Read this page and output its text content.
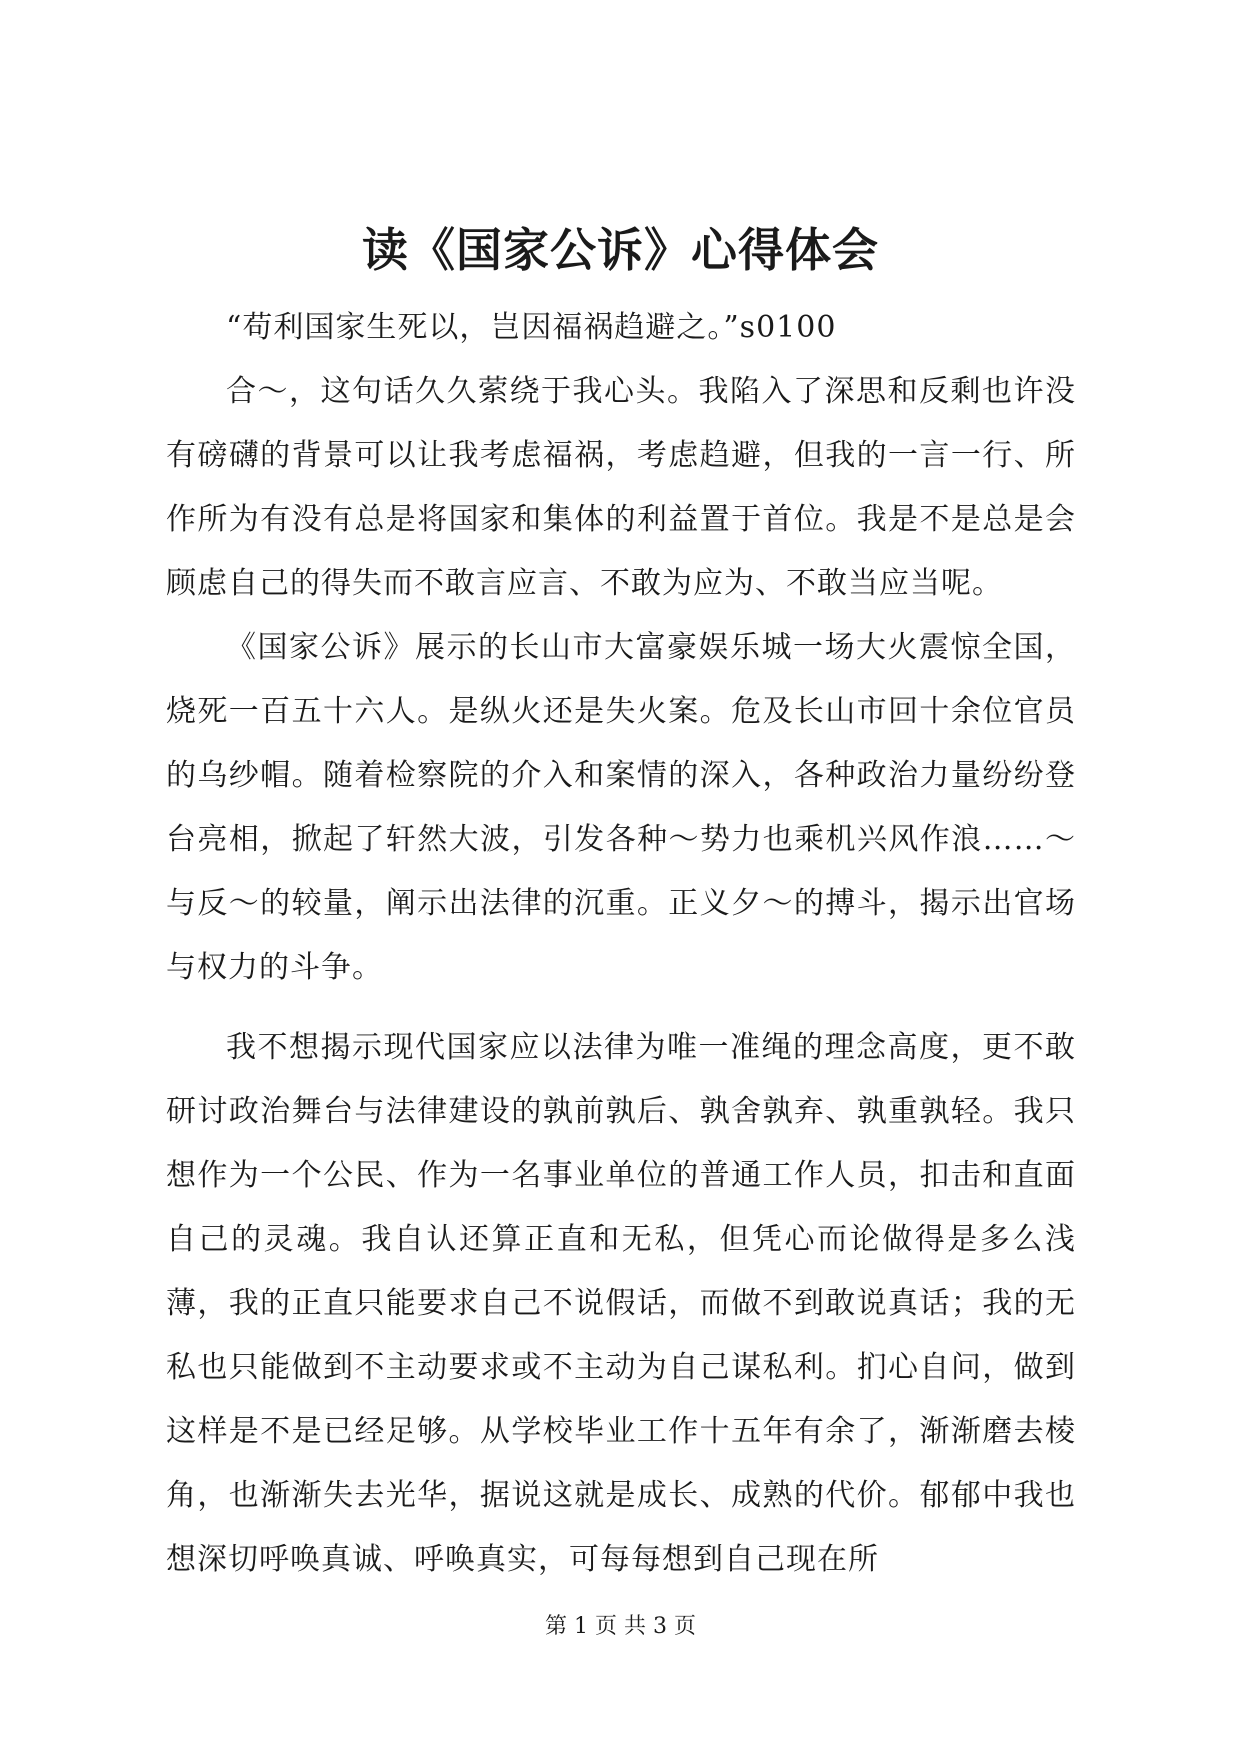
读《国家公诉》心得体会

“苟利国家生死以，岂因福祸趋避之。”s0100

合～，这句话久久萦绕于我心头。我陷入了深思和反剩也许没有磅礴的背景可以让我考虑福祸，考虑趋避，但我的一言一行、所作所为有没有总是将国家和集体的利益置于首位。我是不是总是会顾虑自己的得失而不敢言应言、不敢为应为、不敢当应当呢。

《国家公诉》展示的长山市大富豪娱乐城一场大火震惊全国，烧死一百五十六人。是纵火还是失火案。危及长山市回十余位官员的乌纱帽。随着检察院的介入和案情的深入，各种政治力量纷纷登台亮相，掀起了轩然大波，引发各种～势力也乘机兴风作浪……～与反～的较量，阐示出法律的沉重。正义夕～的搏斗，揭示出官场与权力的斗争。

我不想揭示现代国家应以法律为唯一准绳的理念高度，更不敢研讨政治舞台与法律建设的孰前孰后、孰舍孰弃、孰重孰轻。我只想作为一个公民、作为一名事业单位的普通工作人员，扣击和直面自己的灵魂。我自认还算正直和无私，但凭心而论做得是多么浅薄，我的正直只能要求自己不说假话，而做不到敢说真话；我的无私也只能做到不主动要求或不主动为自己谋私利。扪心自问，做到这样是不是已经足够。从学校毕业工作十五年有余了，渐渐磨去棱角，也渐渐失去光华，据说这就是成长、成熟的代价。郁郁中我也想深切呼唤真诚、呼唤真实，可每每想到自己现在所

第 1 页 共 3 页
